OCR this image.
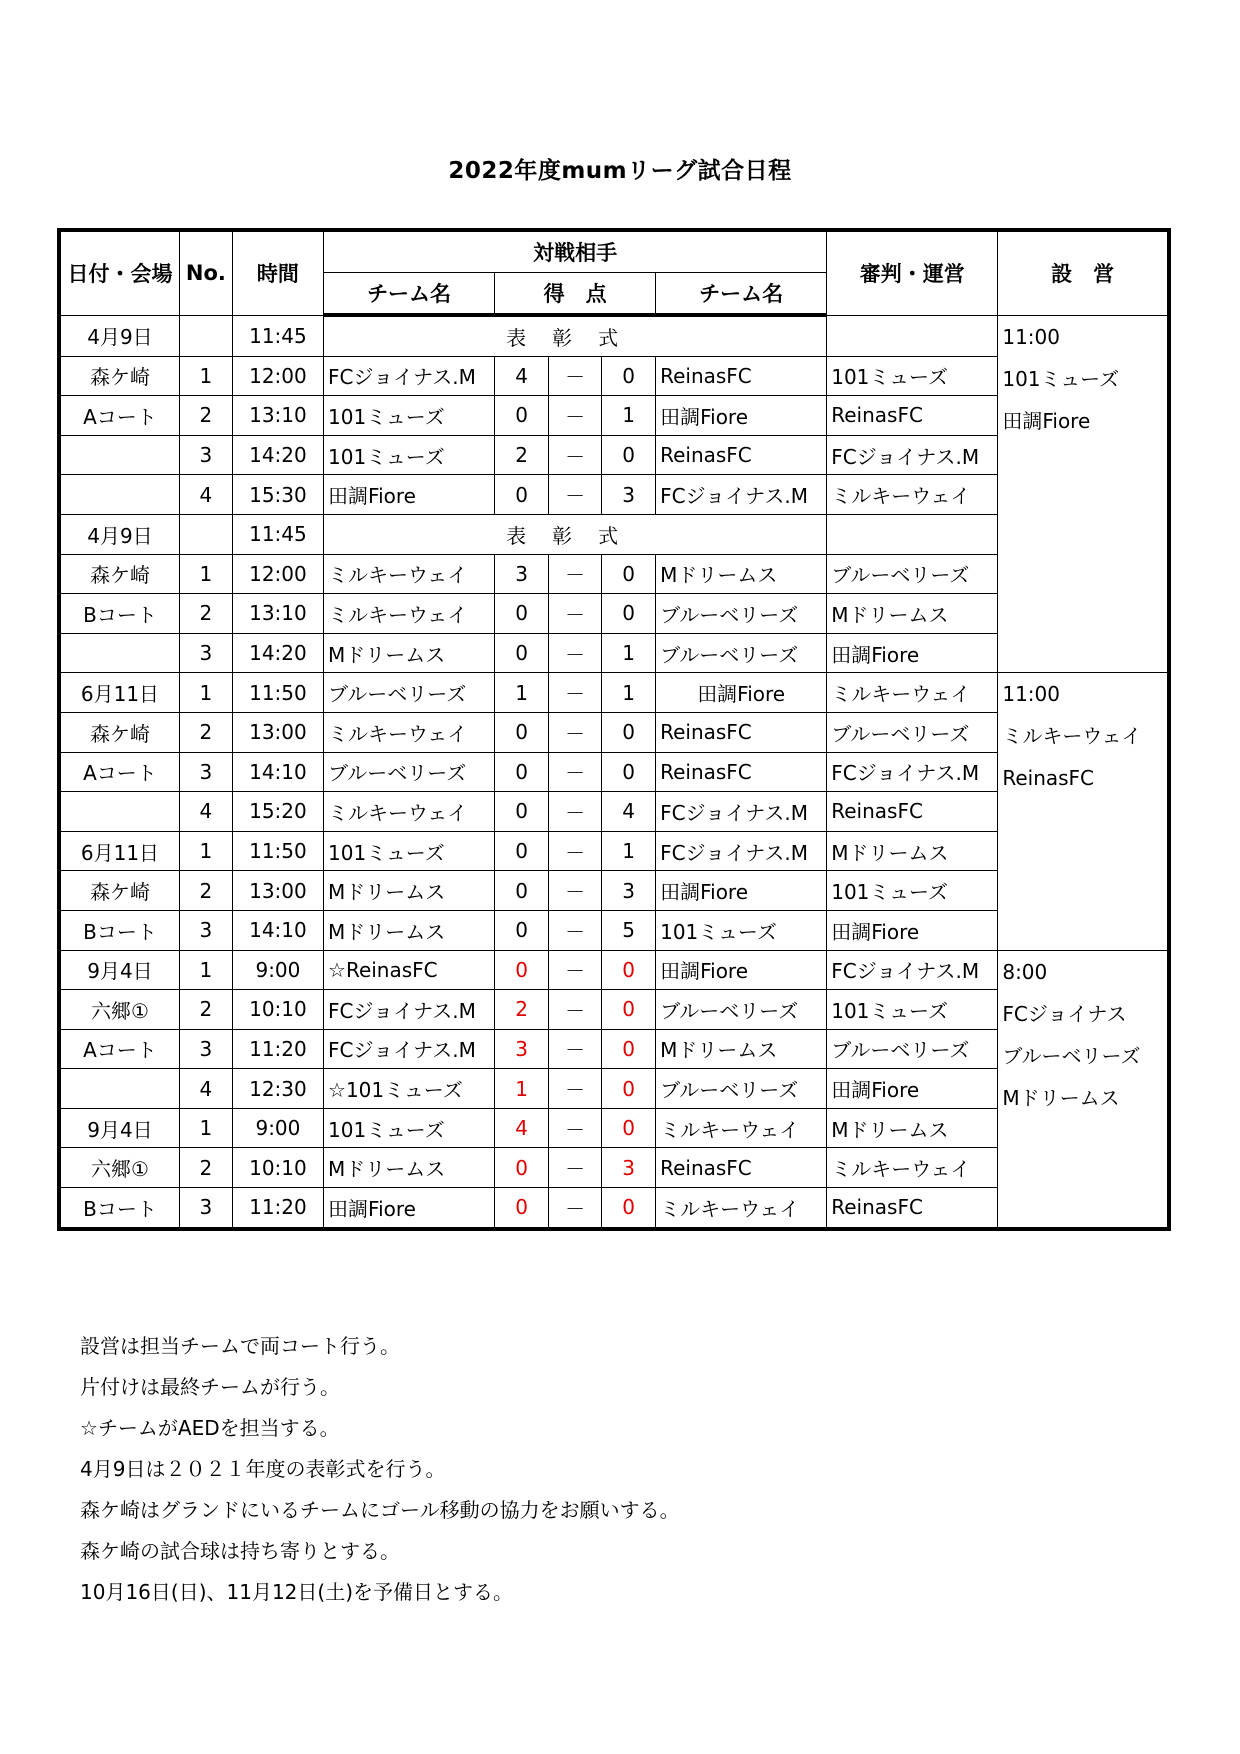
2022年度mumリーグ試合日程
日付・会場	No.	時間	対戦相手					審判・運営	設　営
			チーム名	得　点			チーム名		
4月9日		11:45	表彰式						11:00
101ミューズ
田調Fiore

森ケ崎	1	12:00	FCジョイナス.M	4	－	0	ReinasFC	101ミューズ	
Aコート	2	13:10	101ミューズ	0	－	1	田調Fiore	ReinasFC	
	3	14:20	101ミューズ	2	－	0	ReinasFC	FCジョイナス.M	
	4	15:30	田調Fiore	0	－	3	FCジョイナス.M	ミルキーウェイ	
4月9日		11:45	表彰式						
森ケ崎	1	12:00	ミルキーウェイ	3	－	0	Mドリームス	ブルーベリーズ	
Bコート	2	13:10	ミルキーウェイ	0	－	0	ブルーベリーズ	Mドリームス	
	3	14:20	Mドリームス	0	－	1	ブルーベリーズ	田調Fiore	
6月11日	1	11:50	ブルーベリーズ	1	－	1	田調Fiore	ミルキーウェイ	11:00
ミルキーウェイ
ReinasFC

森ケ崎	2	13:00	ミルキーウェイ	0	－	0	ReinasFC	ブルーベリーズ	
Aコート	3	14:10	ブルーベリーズ	0	－	0	ReinasFC	FCジョイナス.M	
	4	15:20	ミルキーウェイ	0	－	4	FCジョイナス.M	ReinasFC	
6月11日	1	11:50	101ミューズ	0	－	1	FCジョイナス.M	Mドリームス	
森ケ崎	2	13:00	Mドリームス	0	－	3	田調Fiore	101ミューズ	
Bコート	3	14:10	Mドリームス	0	－	5	101ミューズ	田調Fiore	
9月4日	1	9:00	☆ReinasFC	0	－	0	田調Fiore	FCジョイナス.M	8:00
FCジョイナス
ブルーベリーズ
Mドリームス

六郷①	2	10:10	FCジョイナス.M	2	－	0	ブルーベリーズ	101ミューズ	
Aコート	3	11:20	FCジョイナス.M	3	－	0	Mドリームス	ブルーベリーズ	
	4	12:30	☆101ミューズ	1	－	0	ブルーベリーズ	田調Fiore	
9月4日	1	9:00	101ミューズ	4	－	0	ミルキーウェイ	Mドリームス	
六郷①	2	10:10	Mドリームス	0	－	3	ReinasFC	ミルキーウェイ	
Bコート	3	11:20	田調Fiore	0	－	0	ミルキーウェイ	ReinasFC	
設営は担当チームで両コート行う。
片付けは最終チームが行う。
☆チームがAEDを担当する。
4月9日は２０２１年度の表彰式を行う。
森ケ崎はグランドにいるチームにゴール移動の協力をお願いする。
森ケ崎の試合球は持ち寄りとする。
10月16日(日)、11月12日(土)を予備日とする。
